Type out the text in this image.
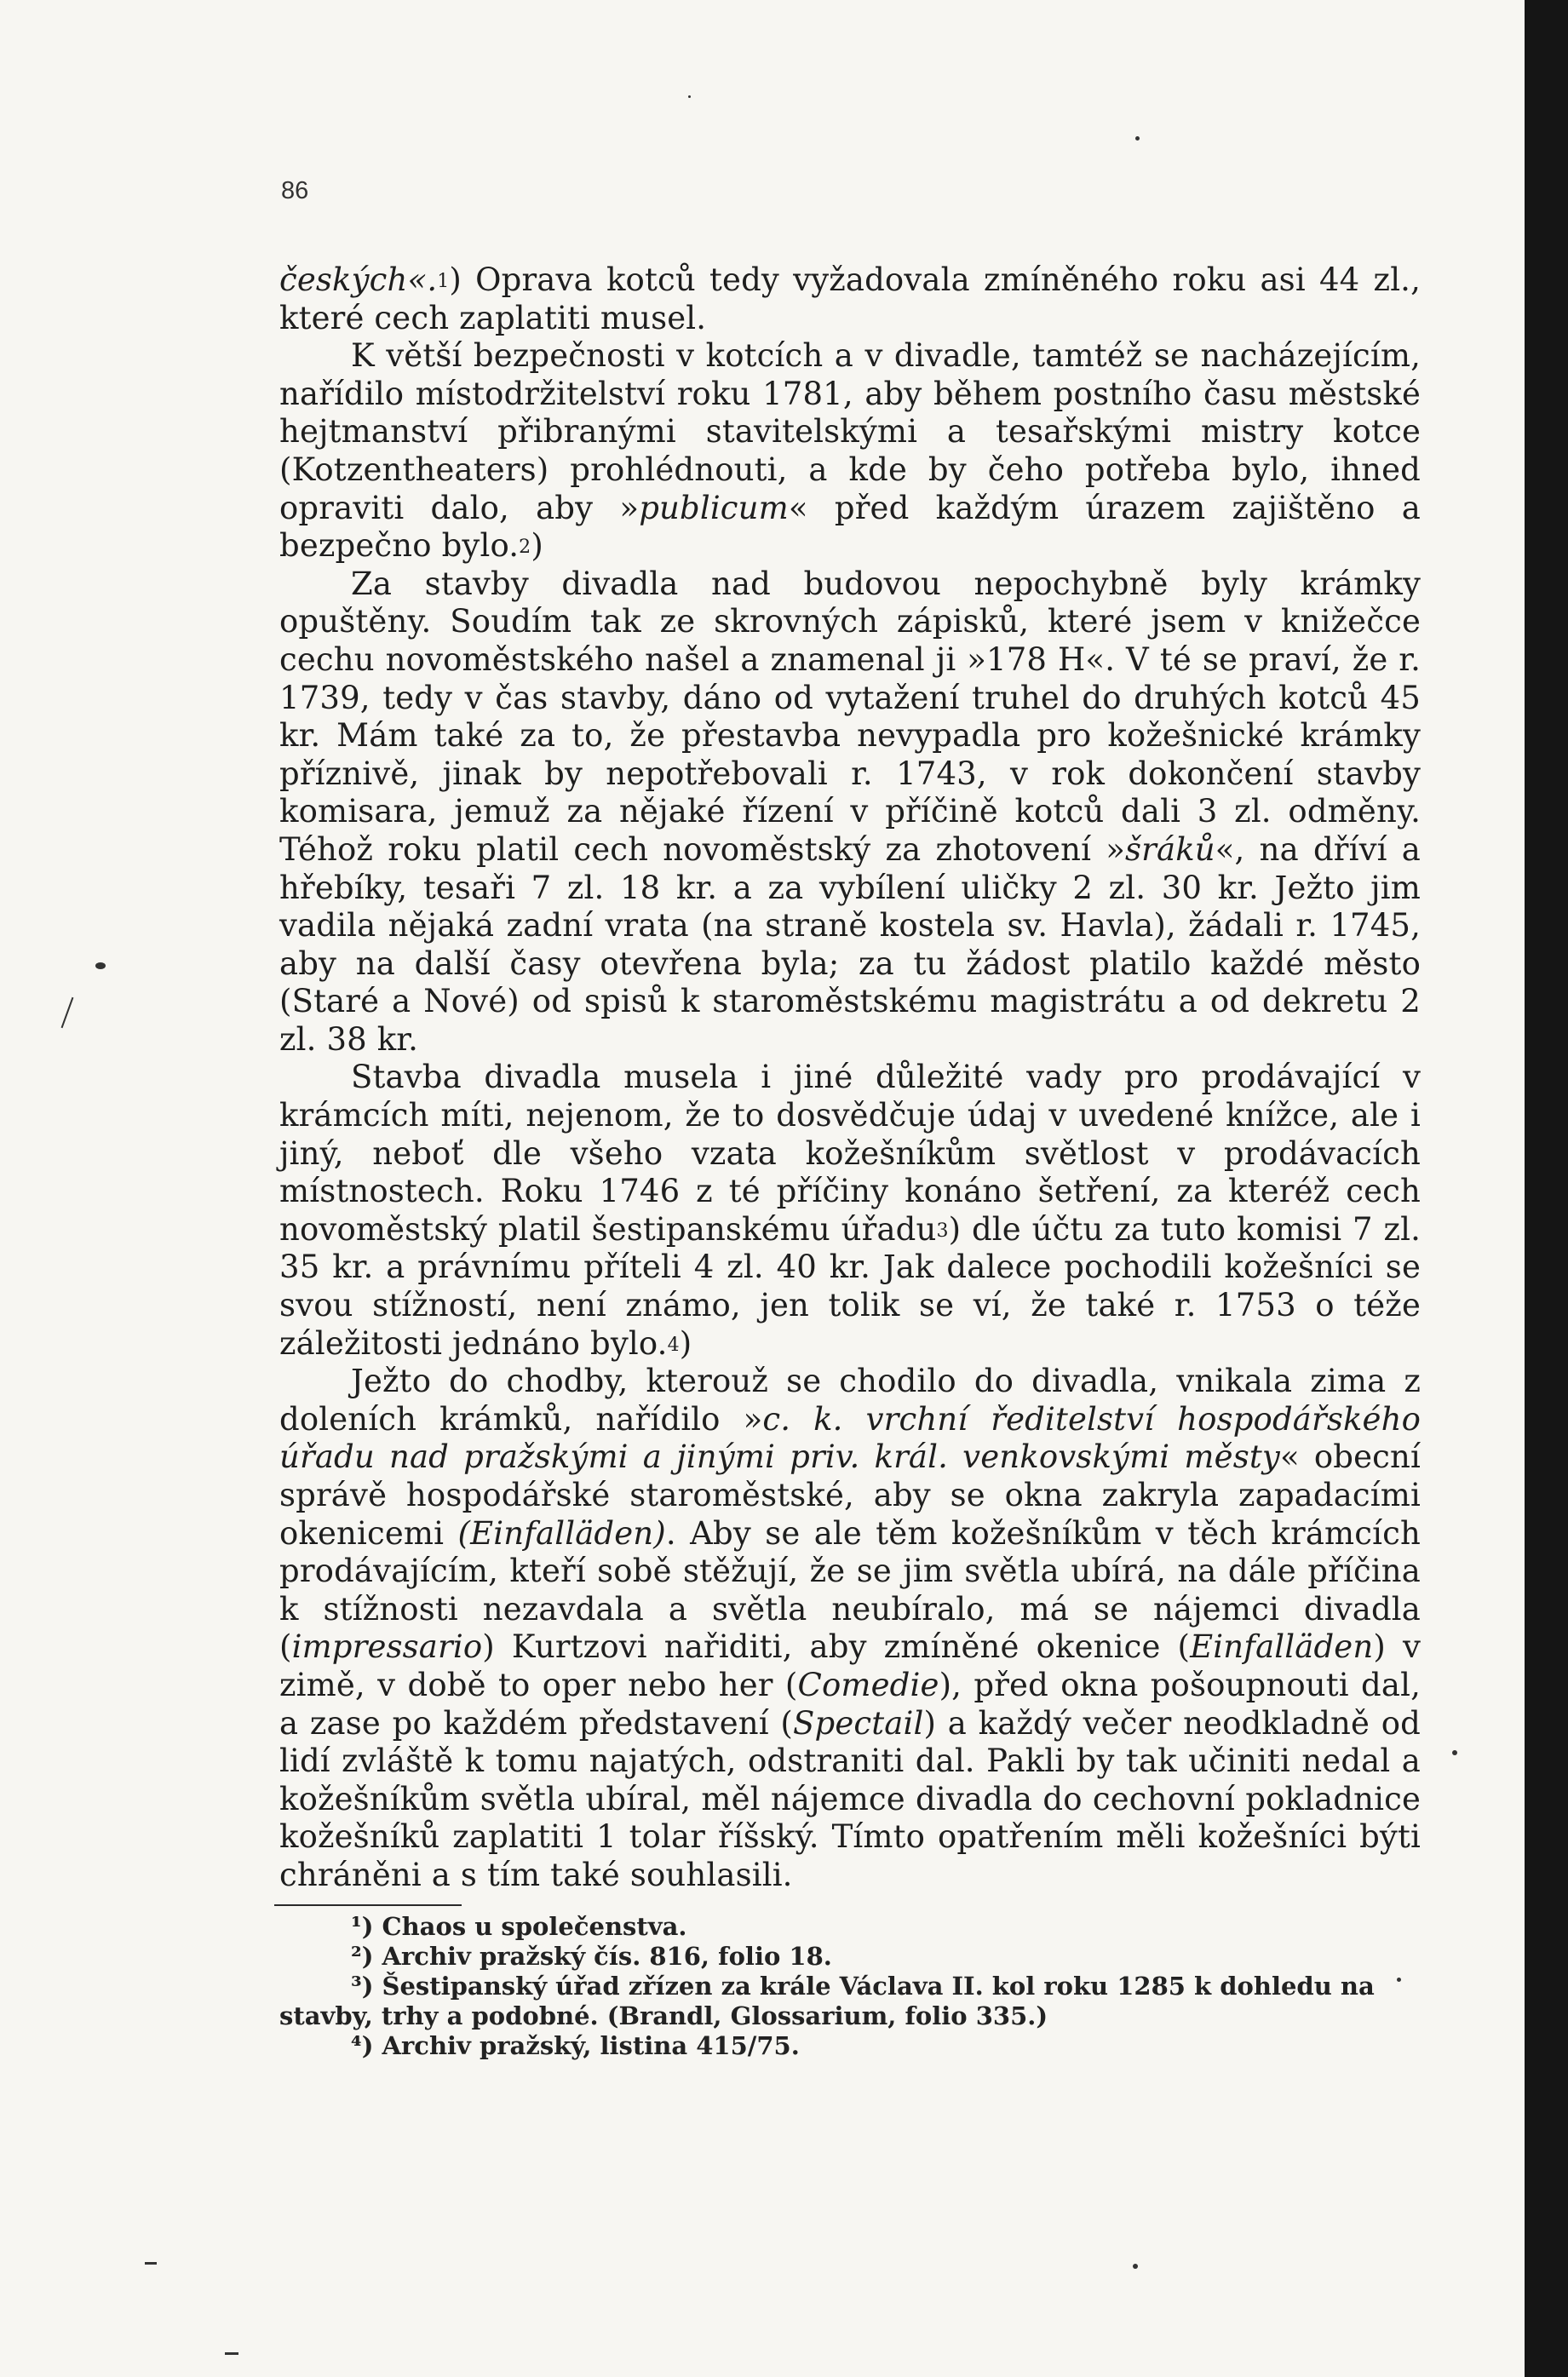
86

českých«.$^1$) Oprava kotců tedy vyžadovala zmíněného roku asi 44 zl., které cech zaplatiti musel.

K větší bezpečnosti v kotcích a v divadle, tamtéž se nacházejícím, nařídilo místodržitelství roku 1781, aby během postního času městské hejtmanství přibranými stavitelskými a tesařskými mistry kotce (Kotzentheaters) prohlédnouti, a kde by čeho potřeba bylo, ihned opraviti dalo, aby »publicum« před každým úrazem zajištěno a bezpečno bylo.$^2$)

Za stavby divadla nad budovou nepochybně byly krámky opuštěny. Soudím tak ze skrovných zápisků, které jsem v knižečce cechu novoměstského našel a znamenal ji »178 H«. V té se praví, že r. 1739, tedy v čas stavby, dáno od vytažení truhel do druhých kotců 45 kr. Mám také za to, že přestavba nevypadla pro kožešnické krámky příznivě, jinak by nepotřebovali r. 1743, v rok dokončení stavby komisara, jemuž za nějaké řízení v příčině kotců dali 3 zl. odměny. Téhož roku platil cech novoměstský za zhotovení »šráků«, na dříví a hřebíky, tesaři 7 zl. 18 kr. a za vybílení uličky 2 zl. 30 kr. Ježto jim vadila nějaká zadní vrata (na straně kostela sv. Havla), žádali r. 1745, aby na další časy otevřena byla; za tu žádost platilo každé město (Staré a Nové) od spisů k staroměstskému magistrátu a od dekretu 2 zl. 38 kr.

Stavba divadla musela i jiné důležité vady pro prodávající v krámcích míti, nejenom, že to dosvědčuje údaj v uvedené knížce, ale i jiný, neboť dle všeho vzata kožešníkům světlost v prodávacích místnostech. Roku 1746 z té příčiny konáno šetření, za kteréž cech novoměstský platil šestipanskému úřadu$^3$) dle účtu za tuto komisi 7 zl. 35 kr. a právnímu příteli 4 zl. 40 kr. Jak dalece pochodili kožešníci se svou stížností, není známo, jen tolik se ví, že také r. 1753 o téže záležitosti jednáno bylo.$^4$)

Ježto do chodby, kterouž se chodilo do divadla, vnikala zima z doleních krámků, nařídilo »c. k. vrchní ředitelství hospodářského úřadu nad pražskými a jinými priv. král. venkovskými městy« obecní správě hospodářské staroměstské, aby se okna zakryla zapadacími okenicemi (Einfalläden). Aby se ale těm kožešníkům v těch krámcích prodávajícím, kteří sobě stěžují, že se jim světla ubírá, na dále příčina k stížnosti nezavdala a světla neubíralo, má se nájemci divadla (impressario) Kurtzovi nařiditi, aby zmíněné okenice (Einfalläden) v zimě, v době to oper nebo her (Comedie), před okna pošoupnouti dal, a zase po každém představení (Spectail) a každý večer neodkladně od lidí zvláště k tomu najatých, odstraniti dal. Pakli by tak učiniti nedal a kožešníkům světla ubíral, měl nájemce divadla do cechovní pokladnice kožešníků zaplatiti 1 tolar říšský. Tímto opatřením měli kožešníci býti chráněni a s tím také souhlasili.

¹) Chaos u společenstva.

²) Archiv pražský čís. 816, folio 18.

³) Šestipanský úřad zřízen za krále Václava II. kol roku 1285 k dohledu na stavby, trhy a podobné. (Brandl, Glossarium, folio 335.)

⁴) Archiv pražský, listina 415/75.
